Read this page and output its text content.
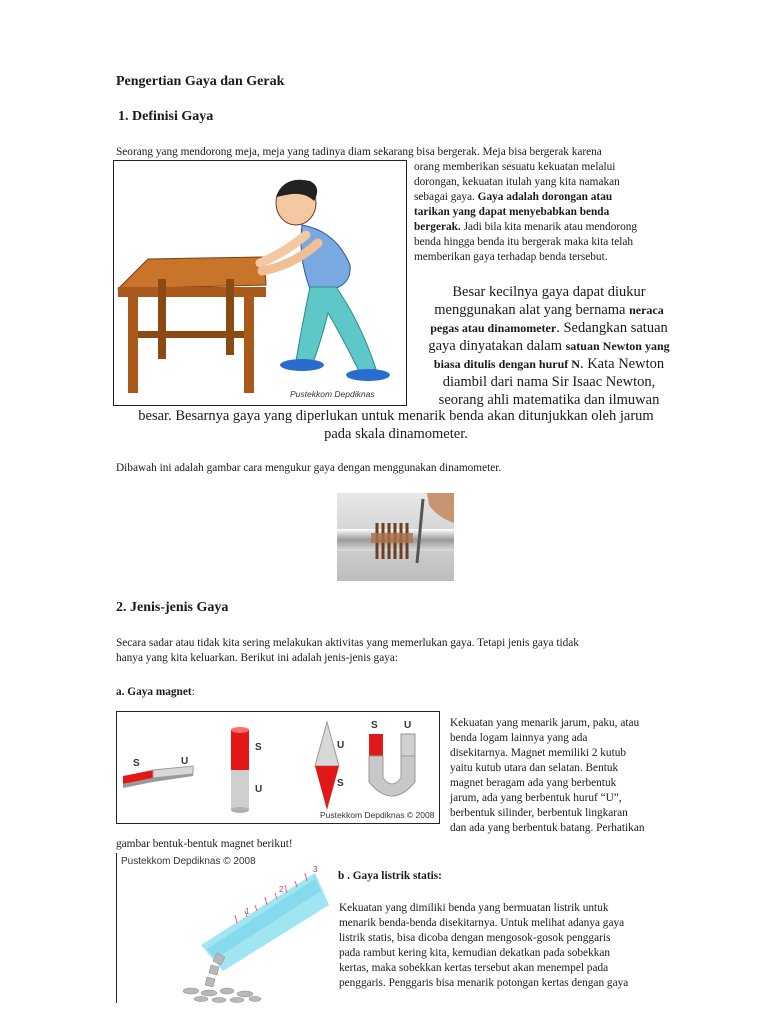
Pengertian Gaya dan Gerak
1. Definisi Gaya
Seorang yang mendorong meja, meja yang tadinya diam sekarang bisa bergerak. Meja bisa bergerak karena
Pustekkom Depdiknas
orang memberikan sesuatu kekuatan melalui
dorongan, kekuatan itulah yang kita namakan
sebagai gaya. Gaya adalah dorongan atau
tarikan yang dapat menyebabkan benda
bergerak. Jadi bila kita menarik atau mendorong
benda hingga benda itu bergerak maka kita telah
memberikan gaya terhadap benda tersebut.
Besar kecilnya gaya dapat diukur
menggunakan alat yang bernama neraca
pegas atau dinamometer. Sedangkan satuan
gaya dinyatakan dalam satuan Newton yang
biasa ditulis dengan huruf N. Kata Newton
diambil dari nama Sir Isaac Newton,
seorang ahli matematika dan ilmuwan
besar. Besarnya gaya yang diperlukan untuk menarik benda akan ditunjukkan oleh jarum
pada skala dinamometer.
Dibawah ini adalah gambar cara mengukur gaya dengan menggunakan dinamometer.
2. Jenis-jenis Gaya
Secara sadar atau tidak kita sering melakukan aktivitas yang memerlukan gaya. Tetapi jenis gaya tidak
hanya yang kita keluarkan. Berikut ini adalah jenis-jenis gaya:
a. Gaya magnet:
S	U
S
U
U
S
S	U
Pustekkom Depdiknas © 2008
Kekuatan yang menarik jarum, paku, atau
benda logam lainnya yang ada
disekitarnya. Magnet memiliki 2 kutub
yaitu kutub utara dan selatan. Bentuk
magnet beragam ada yang berbentuk
jarum, ada yang berbentuk huruf “U”,
berbentuk silinder, berbentuk lingkaran
dan ada yang berbentuk batang. Perhatikan
gambar bentuk-bentuk magnet berikut!
Pustekkom Depdiknas © 2008
1
2
3
b . Gaya listrik statis:
Kekuatan yang dimiliki benda yang bermuatan listrik untuk
menarik benda-benda disekitarnya. Untuk melihat adanya gaya
listrik statis, bisa dicoba dengan mengosok-gosok penggaris
pada rambut kering kita, kemudian dekatkan pada sobekkan
kertas, maka sobekkan kertas tersebut akan menempel pada
penggaris. Penggaris bisa menarik potongan kertas dengan gaya
